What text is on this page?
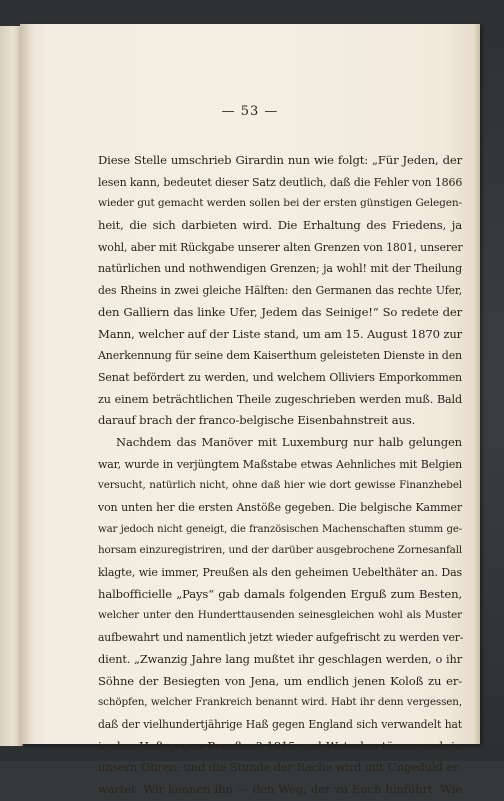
— 53 —
Diese Stelle umschrieb Girardin nun wie folgt: „Für Jeden, der
lesen kann, bedeutet dieser Satz deutlich, daß die Fehler von 1866
wieder gut gemacht werden sollen bei der ersten günstigen Gelegen-
heit, die sich darbieten wird. Die Erhaltung des Friedens, ja
wohl, aber mit Rückgabe unserer alten Grenzen von 1801, unserer
natürlichen und nothwendigen Grenzen; ja wohl! mit der Theilung
des Rheins in zwei gleiche Hälften: den Germanen das rechte Ufer,
den Galliern das linke Ufer, Jedem das Seinige!“ So redete der
Mann, welcher auf der Liste stand, um am 15. August 1870 zur
Anerkennung für seine dem Kaiserthum geleisteten Dienste in den
Senat befördert zu werden, und welchem Olliviers Emporkommen
zu einem beträchtlichen Theile zugeschrieben werden muß. Bald
darauf brach der franco-belgische Eisenbahnstreit aus.
Nachdem das Manöver mit Luxemburg nur halb gelungen
war, wurde in verjüngtem Maßstabe etwas Aehnliches mit Belgien
versucht, natürlich nicht, ohne daß hier wie dort gewisse Finanzhebel
von unten her die ersten Anstöße gegeben. Die belgische Kammer
war jedoch nicht geneigt, die französischen Machenschaften stumm ge-
horsam einzuregistriren, und der darüber ausgebrochene Zornesanfall
klagte, wie immer, Preußen als den geheimen Uebelthäter an. Das
halbofficielle „Pays“ gab damals folgenden Erguß zum Besten,
welcher unter den Hunderttausenden seinesgleichen wohl als Muster
aufbewahrt und namentlich jetzt wieder aufgefrischt zu werden ver-
dient. „Zwanzig Jahre lang mußtet ihr geschlagen werden, o ihr
Söhne der Besiegten von Jena, um endlich jenen Koloß zu er-
schöpfen, welcher Frankreich benannt wird. Habt ihr denn vergessen,
daß der vielhundertjährige Haß gegen England sich verwandelt hat
in den Haß gegen Preußen? 1815 und Waterloo tönen noch in
unsern Ohren, und die Stunde der Rache wird mit Ungeduld er-
wartet. Wir kennen ihn — den Weg, der zu Euch hinführt. Wie
